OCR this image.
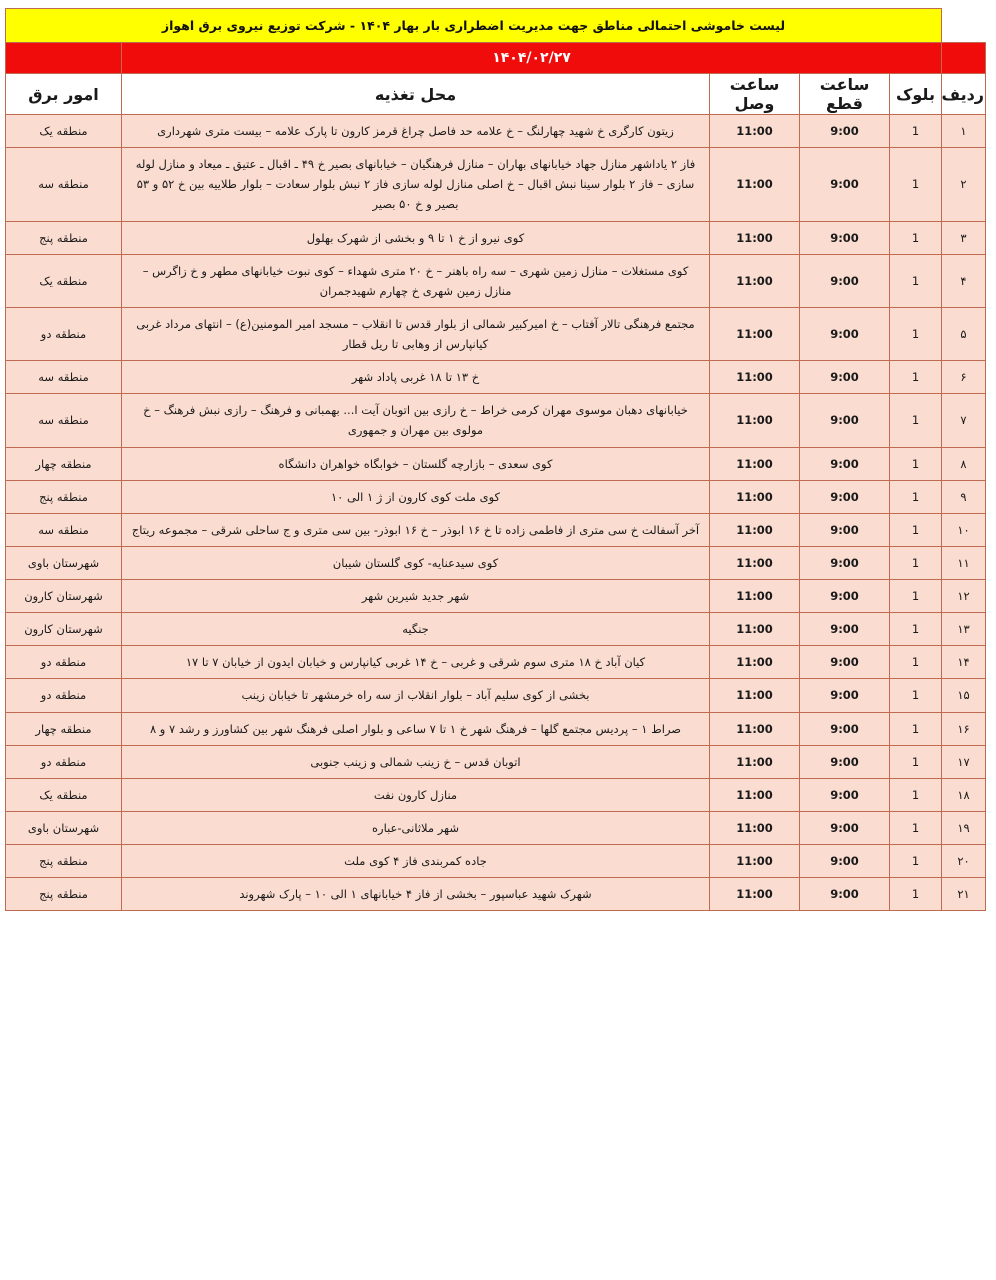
	لیست خاموشی احتمالی مناطق جهت مدیریت اضطراری بار بهار ۱۴۰۴ - شرکت توزیع نیروی برق اهواز				
	۱۴۰۴/۰۲/۲۷				
ردیف	بلوک	ساعت قطع	ساعت وصل	محل تغذیه	امور برق
۱	1	9:00	11:00	زیتون کارگری خ شهید چهارلنگ – خ علامه حد فاصل چراغ قرمز کارون تا پارک علامه – بیست متری شهرداری	منطقه یک
۲	1	9:00	11:00	فاز ۲ یاداشهر منازل جهاد خیابانهای بهاران – منازل فرهنگیان – خیابانهای بصیر خ ۴۹ ـ اقبال ـ عتیق ـ میعاد و منازل لوله سازی – فاز ۲ بلوار سینا نبش اقبال – خ اصلی منازل لوله سازی فاز ۲ نبش بلوار سعادت – بلوار طلاییه بین خ ۵۲ و ۵۳ بصیر و خ ۵۰ بصیر	منطقه سه
۳	1	9:00	11:00	کوی نیرو از خ ۱ تا ۹ و بخشی از شهرک بهلول	منطقه پنج
۴	1	9:00	11:00	کوی مستغلات – منازل زمین شهری – سه راه باهنر – خ ۲۰ متری شهداء – کوی نبوت خیابانهای مطهر و خ زاگرس – منازل زمین شهری خ چهارم شهیدجمران	منطقه یک
۵	1	9:00	11:00	مجتمع فرهنگی تالار آفتاب – خ امیرکبیر شمالی از بلوار قدس تا انقلاب – مسجد امیر المومنین(ع) – انتهای مرداد غربی کیانپارس از وهابی تا ریل قطار	منطقه دو
۶	1	9:00	11:00	خ ۱۳ تا ۱۸ غربی پاداد شهر	منطقه سه
۷	1	9:00	11:00	خیابانهای دهبان موسوی مهران کرمی خراط – خ رازی بین اتوبان آیت ا... بهمبانی و فرهنگ – رازی نبش فرهنگ – خ مولوی بین مهران و جمهوری	منطقه سه
۸	1	9:00	11:00	کوی سعدی – بازارچه گلستان – خوابگاه خواهران دانشگاه	منطقه چهار
۹	1	9:00	11:00	کوی ملت کوی کارون از ژ ۱ الی ۱۰	منطقه پنج
۱۰	1	9:00	11:00	آخر آسفالت خ سی متری از فاطمی زاده تا خ ۱۶ ابوذر – خ ۱۶ ابوذر- بین سی متری و ج ساحلی شرقی – مجموعه ریتاج	منطقه سه
۱۱	1	9:00	11:00	کوی سیدعنایه- کوی گلستان شیبان	شهرستان باوی
۱۲	1	9:00	11:00	شهر جدید شیرین شهر	شهرستان کارون
۱۳	1	9:00	11:00	جنگیه	شهرستان کارون
۱۴	1	9:00	11:00	کیان آباد خ ۱۸ متری سوم شرقی و غربی – خ ۱۴ غربی کیانپارس و خیابان ایدون از خیابان ۷ تا ۱۷	منطقه دو
۱۵	1	9:00	11:00	بخشی از کوی سلیم آباد – بلوار انقلاب از سه راه خرمشهر تا خیابان زینب	منطقه دو
۱۶	1	9:00	11:00	صراط ۱ – پردیس مجتمع گلها – فرهنگ شهر خ ۱ تا ۷ ساعی و بلوار اصلی فرهنگ شهر بین کشاورز و رشد ۷ و ۸	منطقه چهار
۱۷	1	9:00	11:00	اتوبان قدس – خ زینب شمالی و زینب جنوبی	منطقه دو
۱۸	1	9:00	11:00	منازل کارون نفت	منطقه یک
۱۹	1	9:00	11:00	شهر ملاثانی-عباره	شهرستان باوی
۲۰	1	9:00	11:00	جاده کمربندی فاز ۴ کوی ملت	منطقه پنج
۲۱	1	9:00	11:00	شهرک شهید عباسپور – بخشی از فاز ۴ خیابانهای ۱ الی ۱۰ – پارک شهروند	منطقه پنج
